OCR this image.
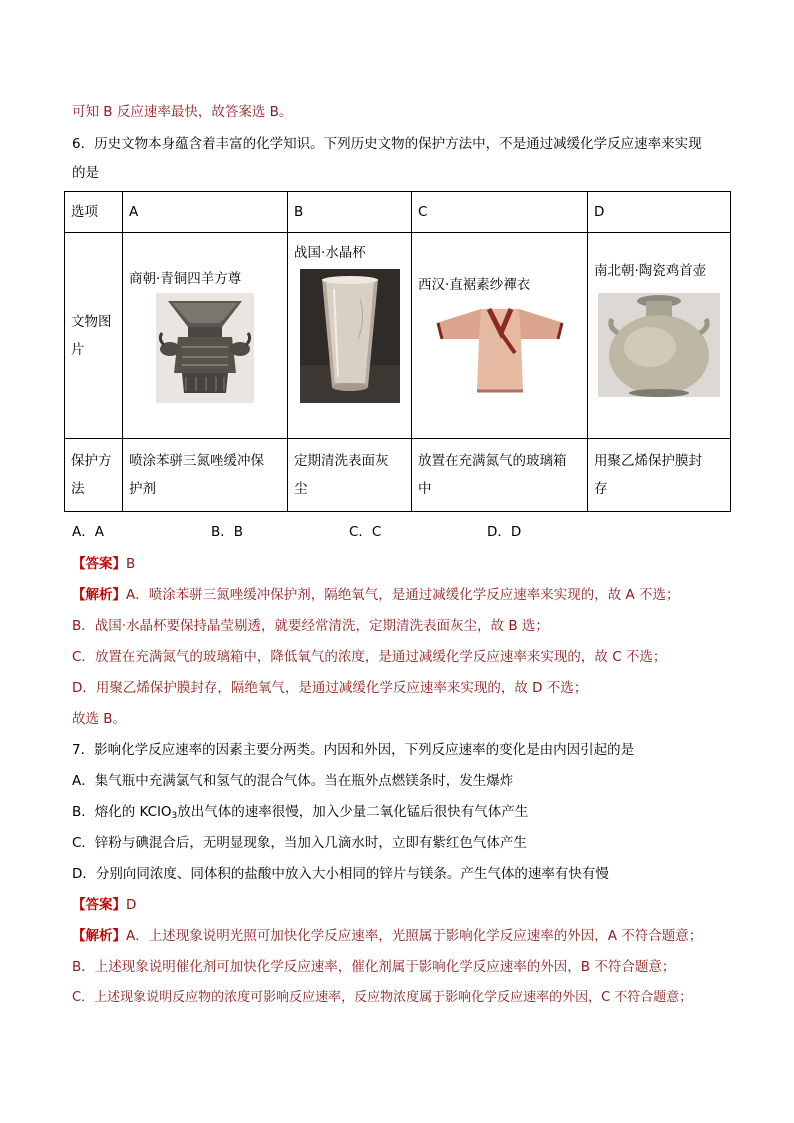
可知 B 反应速率最快，故答案选 B。
6．历史文物本身蕴含着丰富的化学知识。下列历史文物的保护方法中，不是通过减缓化学反应速率来实现
的是
选项	A	B	C	D

文物图
片	商朝·青铜四羊方尊	战国·水晶杯	西汉·直裾素纱襌衣	南北朝·陶瓷鸡首壶

保护方
法	喷涂苯骈三氮唑缓冲保
护剂	定期清洗表面灰
尘	放置在充满氮气的玻璃箱
中	用聚乙烯保护膜封
存
A．A	B．B	C．C	D．D
【答案】B
【解析】A．喷涂苯骈三氮唑缓冲保护剂，隔绝氧气，是通过减缓化学反应速率来实现的，故 A 不选；
B．战国·水晶杯要保持晶莹剔透，就要经常清洗，定期清洗表面灰尘，故 B 选；
C．放置在充满氮气的玻璃箱中，降低氧气的浓度，是通过减缓化学反应速率来实现的，故 C 不选；
D．用聚乙烯保护膜封存，隔绝氧气，是通过减缓化学反应速率来实现的，故 D 不选；
故选 B。
7．影响化学反应速率的因素主要分两类。内因和外因，下列反应速率的变化是由内因引起的是
A．集气瓶中充满氯气和氢气的混合气体。当在瓶外点燃镁条时，发生爆炸
B．熔化的 KClO$_3$放出气体的速率很慢，加入少量二氧化锰后很快有气体产生
C．锌粉与碘混合后，无明显现象，当加入几滴水时，立即有紫红色气体产生
D．分别向同浓度、同体积的盐酸中放入大小相同的锌片与镁条。产生气体的速率有快有慢
【答案】D
【解析】A．上述现象说明光照可加快化学反应速率，光照属于影响化学反应速率的外因，A 不符合题意；
B．上述现象说明催化剂可加快化学反应速率，催化剂属于影响化学反应速率的外因，B 不符合题意；
C．上述现象说明反应物的浓度可影响反应速率，反应物浓度属于影响化学反应速率的外因，C 不符合题意；
